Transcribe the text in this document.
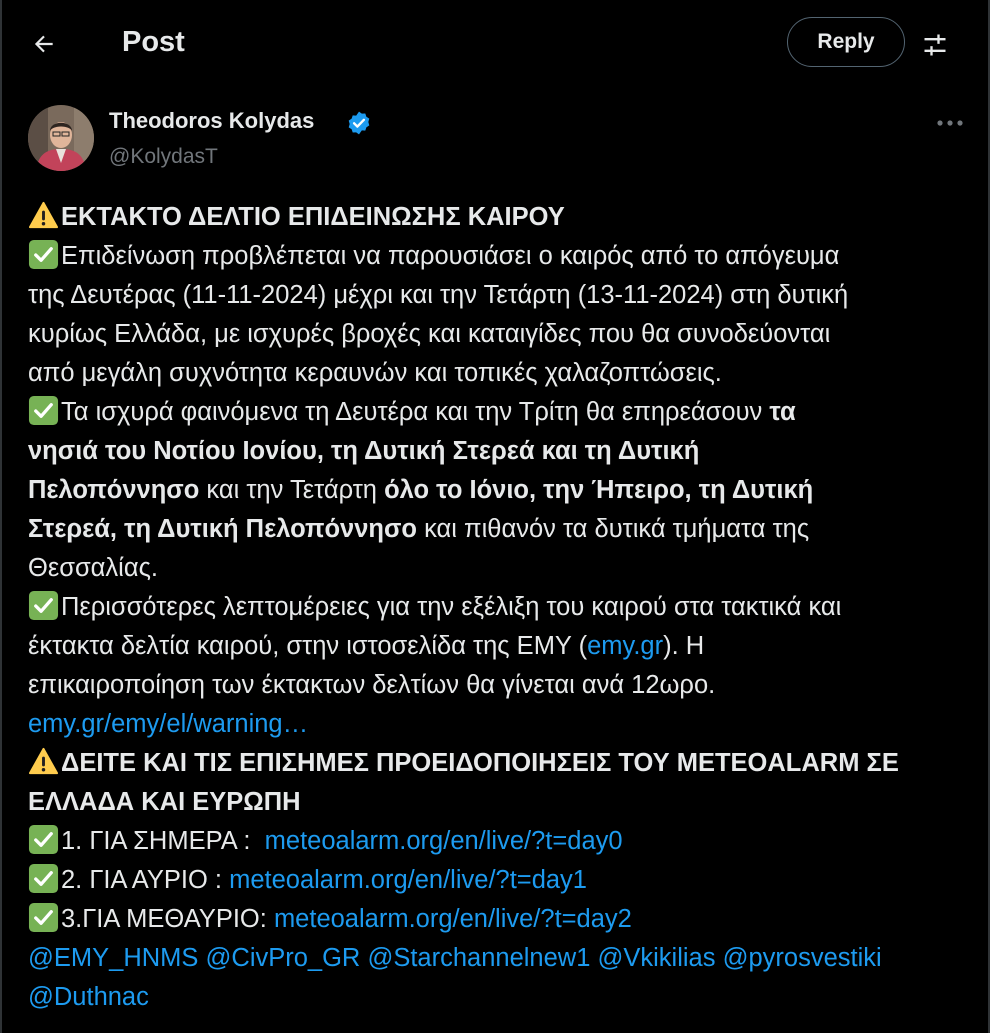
Post	Reply
Theodoros Kolydas
@KolydasT
ΕΚΤΑΚΤΟ ΔΕΛΤΙΟ ΕΠΙΔΕΙΝΩΣΗΣ ΚΑΙΡΟΥ
Επιδείνωση προβλέπεται να παρουσιάσει ο καιρός από το απόγευμα
της Δευτέρας (11-11-2024) μέχρι και την Τετάρτη (13-11-2024) στη δυτική
κυρίως Ελλάδα, με ισχυρές βροχές και καταιγίδες που θα συνοδεύονται
από μεγάλη συχνότητα κεραυνών και τοπικές χαλαζοπτώσεις.
Τα ισχυρά φαινόμενα τη Δευτέρα και την Τρίτη θα επηρεάσουν τα
νησιά του Νοτίου Ιονίου, τη Δυτική Στερεά και τη Δυτική
Πελοπόννησο και την Τετάρτη όλο το Ιόνιο, την Ήπειρο, τη Δυτική
Στερεά, τη Δυτική Πελοπόννησο και πιθανόν τα δυτικά τμήματα της
Θεσσαλίας.
Περισσότερες λεπτομέρειες για την εξέλιξη του καιρού στα τακτικά και
έκτακτα δελτία καιρού, στην ιστοσελίδα της ΕΜΥ (emy.gr). Η
επικαιροποίηση των έκτακτων δελτίων θα γίνεται ανά 12ωρο.
emy.gr/emy/el/warning…
ΔΕΙΤΕ ΚΑΙ ΤΙΣ ΕΠΙΣΗΜΕΣ ΠΡΟΕΙΔΟΠΟΙΗΣΕΙΣ ΤΟΥ METEOALARM ΣΕ
ΕΛΛΑΔΑ ΚΑΙ ΕΥΡΩΠΗ
1. ΓΙΑ ΣΗΜΕΡΑ :  meteoalarm.org/en/live/?t=day0
2. ΓΙΑ ΑΥΡΙΟ : meteoalarm.org/en/live/?t=day1
3.ΓΙΑ ΜΕΘΑΥΡΙΟ: meteoalarm.org/en/live/?t=day2
@EMY_HNMS @CivPro_GR @Starchannelnew1 @Vkikilias @pyrosvestiki
@Duthnac
